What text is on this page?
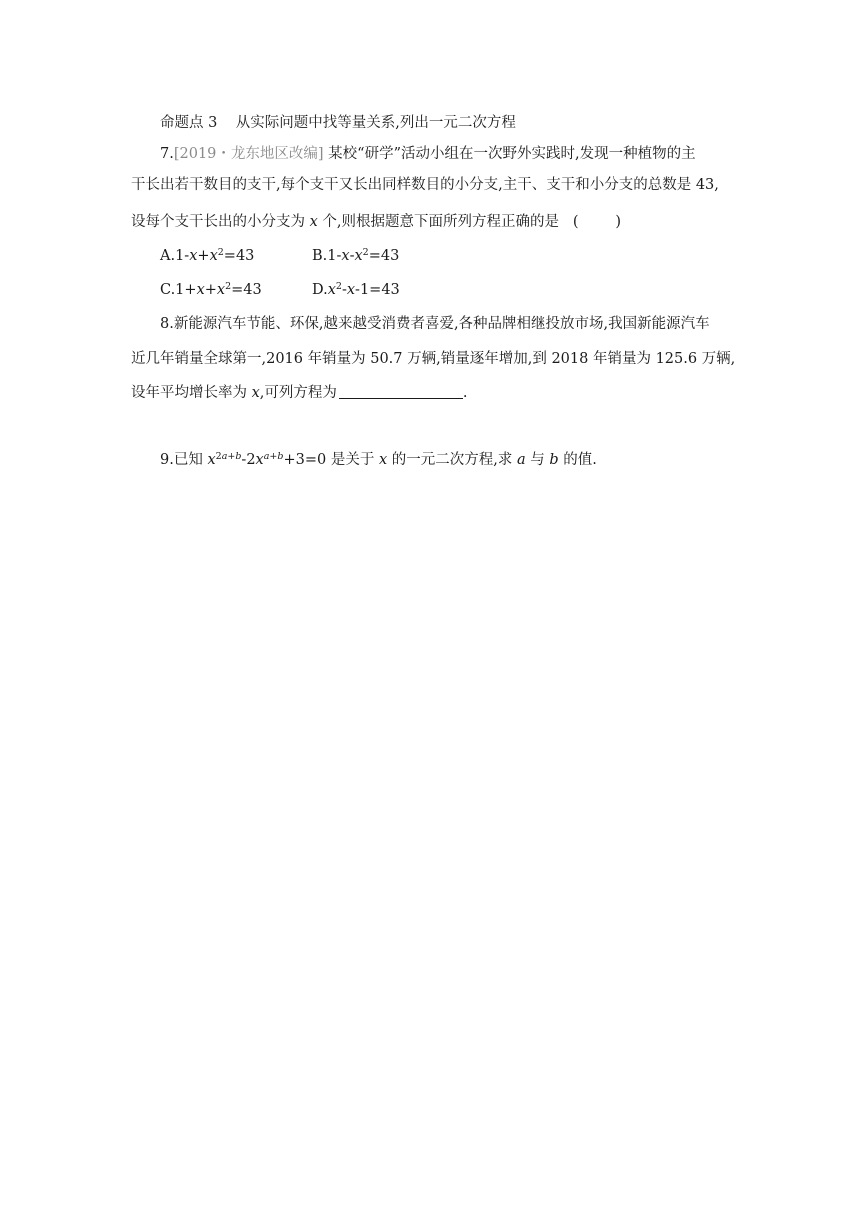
命题点 3 从实际问题中找等量关系,列出一元二次方程
7.[2019・龙东地区改编] 某校“研学”活动小组在一次野外实践时,发现一种植物的主
干长出若干数目的支干,每个支干又长出同样数目的小分支,主干、支干和小分支的总数是 43,
设每个支干长出的小分支为 x 个,则根据题意下面所列方程正确的是 (        )
$A.1-x+x^2=43$	$B.1-x-x^2=43$
$C.1+x+x^2=43$	$D.x^2-x-1=43$
8.新能源汽车节能、环保,越来越受消费者喜爱,各种品牌相继投放市场,我国新能源汽车
近几年销量全球第一,2016 年销量为 50.7 万辆,销量逐年增加,到 2018 年销量为 125.6 万辆,
设年平均增长率为 x,可列方程为	.
9.已知 $x^{2a+b}-2x^{a+b}+3=0$ 是关于 x 的一元二次方程,求 a 与 b 的值.
